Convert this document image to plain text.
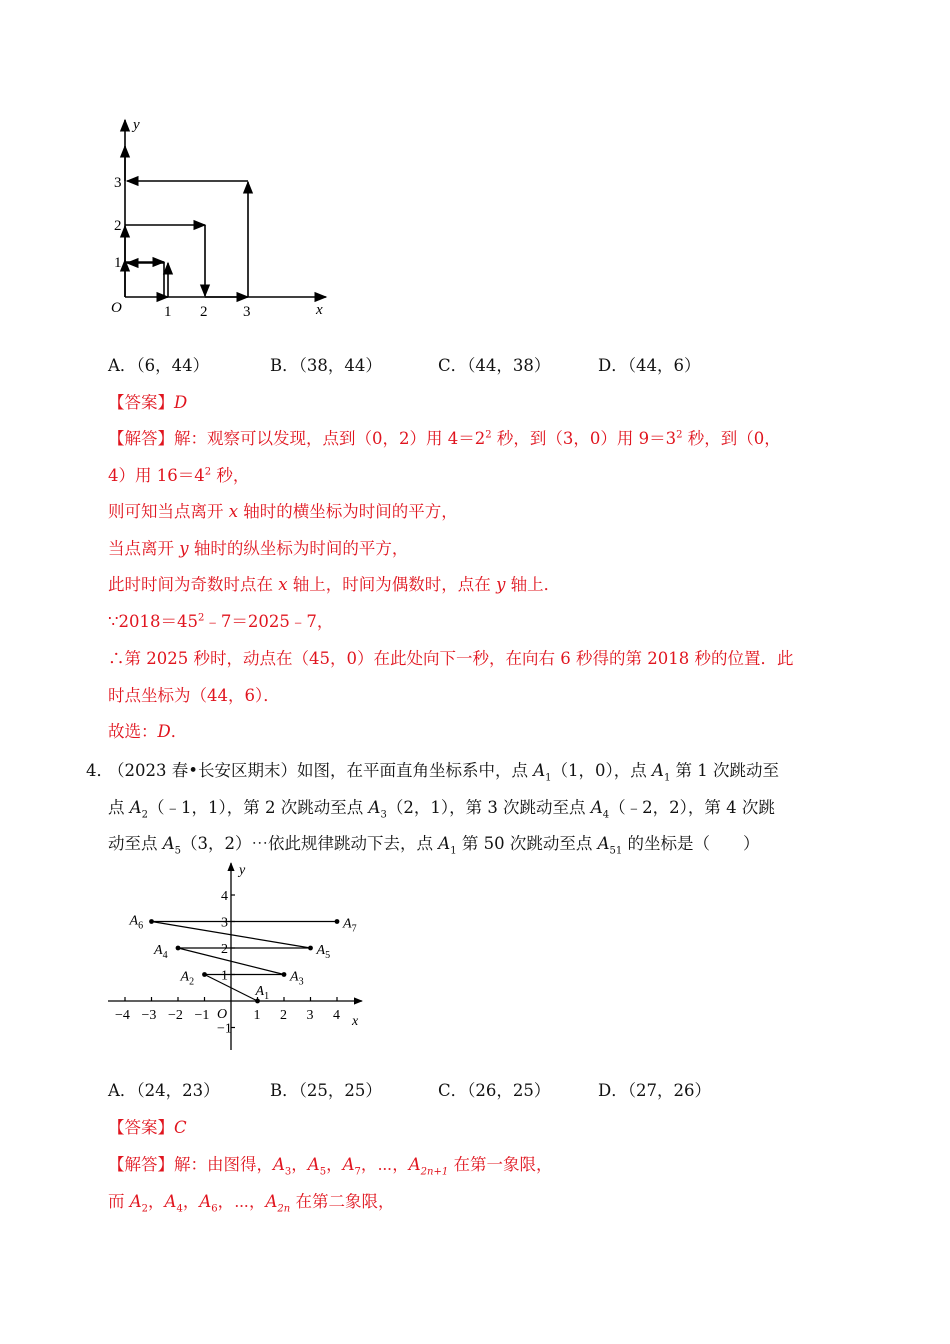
y
x
O	1 2 3
1
2
3
A．（6，44）	B．（38，44）	C．（44，38）	D．（44，6）
【答案】D
【解答】解：观察可以发现，点到（0，2）用 $4=2^2$ 秒，到（3，0）用 $9=3^2$ 秒，到（0，
4）用 $16=4^2$ 秒，
则可知当点离开 x 轴时的横坐标为时间的平方，
当点离开 y 轴时的纵坐标为时间的平方，
此时时间为奇数时点在 x 轴上，时间为偶数时，点在 y 轴上．
$\because 2018=45^2﹣7=2025﹣7$，
∴第 2025 秒时，动点在（45，0）在此处向下一秒，在向右 6 秒得的第 2018 秒的位置．此
时点坐标为（44，6）．
故选：D．
4．
（2023 春•长安区期末）如图，在平面直角坐标系中，点 $A_1(1$，0），点 $A_1$ 第 1 次跳动至
点 $A_2(﹣1$，1），第 2 次跳动至点 $A_3(2$，1），第 3 次跳动至点 $A_4(﹣2$，2），第 4 次跳
动至点 $A_5(3$，2）⋯依此规律跳动下去，点 $A_1$ 第 50 次跳动至点 $A_{51}$ 的坐标是（　　）
−4 −3 −2 −1	1 2 3 4
4
3
2
1
−1
$A_1$
$A_2$	$A_3$
$A_4$	$A_5$
$A_6$	$A_7$
y
x
O
A．（24，23）	B．（25，25）	C．（26，25）	D．（27，26）
【答案】C
【解答】解：由图得，$A_3$，$A_5$，$A_7$，⋯，$A_{2n+1}$ 在第一象限，
而 $A_2$，$A_4$，$A_6$，⋯，$A_{2n}$ 在第二象限，
